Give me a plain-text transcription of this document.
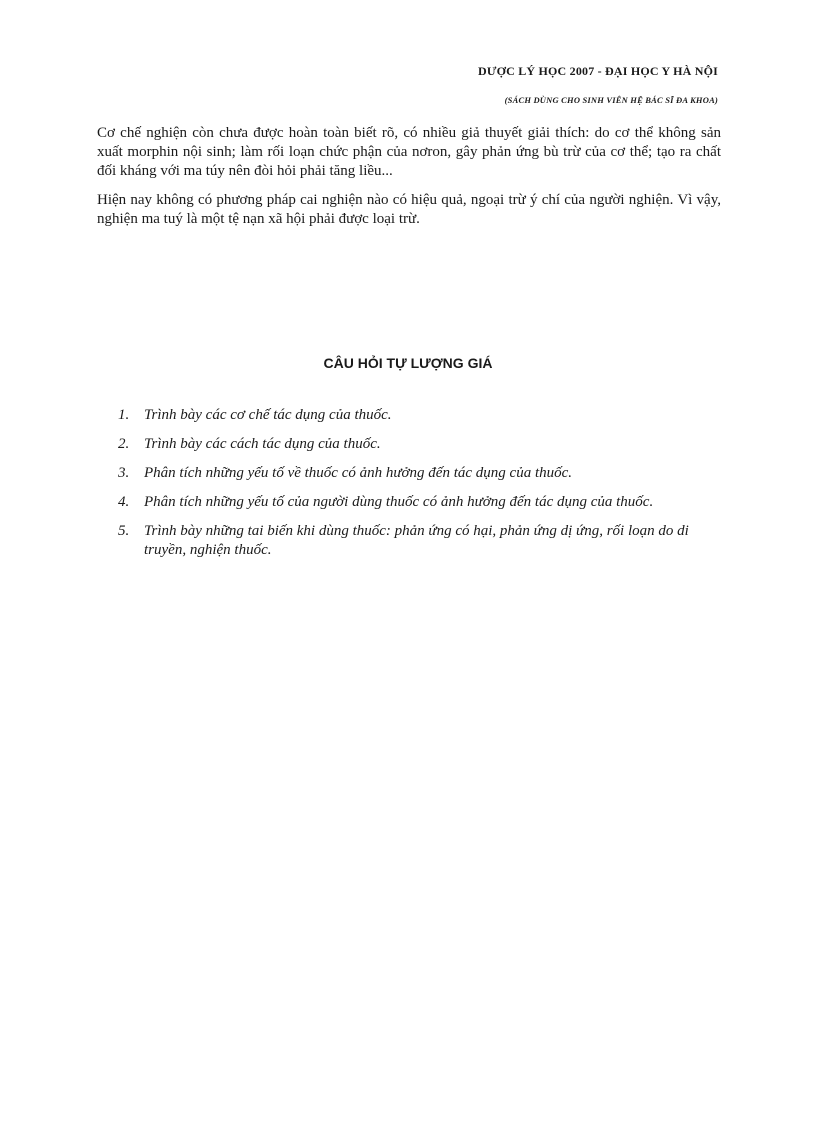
DƯỢC LÝ HỌC 2007 - ĐẠI HỌC Y HÀ NỘI
(SÁCH DÙNG CHO SINH VIÊN HỆ BÁC SĨ ĐA KHOA)

Cơ chế nghiện còn chưa được hoàn toàn biết rõ, có nhiều giả thuyết giải thích: do cơ thể không sản xuất morphin nội sinh; làm rối loạn chức phận của nơron, gây phản ứng bù trừ của cơ thể; tạo ra chất đối kháng với ma túy nên đòi hỏi phải tăng liều...

Hiện nay không có phương pháp cai nghiện nào có hiệu quả, ngoại trừ ý chí của người nghiện. Vì vậy, nghiện ma tuý là một tệ nạn xã hội phải được loại trừ.

CÂU HỎI TỰ LƯỢNG GIÁ
1. Trình bày các cơ chế tác dụng của thuốc.
2. Trình bày các cách tác dụng của thuốc.
3. Phân tích những yếu tố về thuốc có ảnh hưởng đến tác dụng của thuốc.
4. Phân tích những yếu tố của người dùng thuốc có ảnh hưởng đến tác dụng của thuốc.
5. Trình bày những tai biến khi dùng thuốc: phản ứng có hại, phản ứng dị ứng, rối loạn do di truyền, nghiện thuốc.
